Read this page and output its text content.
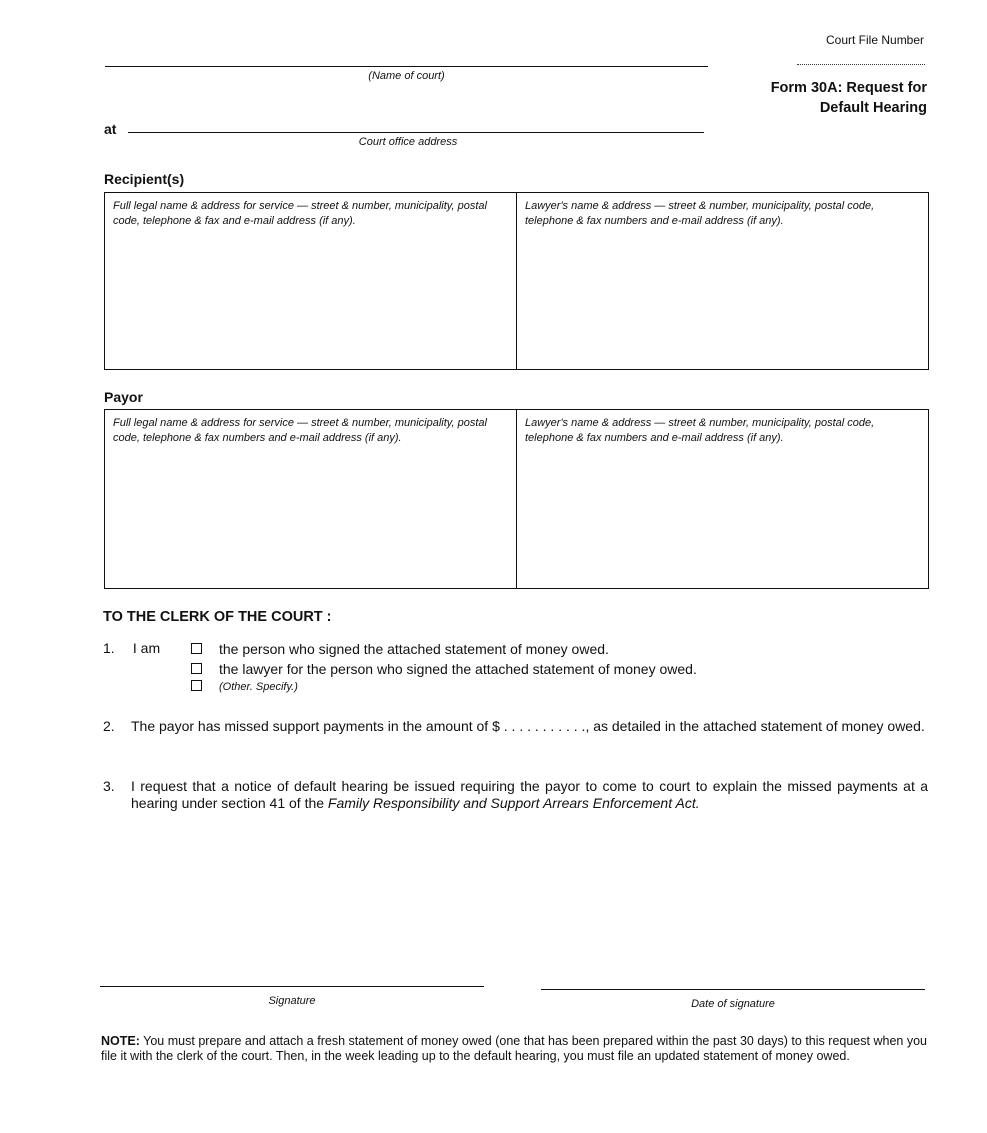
Court File Number
Form 30A: Request for
Default Hearing
(Name of court)
at
Court office address
Recipient(s)
Full legal name & address for service — street & number, municipality, postal code, telephone & fax and e-mail address (if any).
Lawyer's name & address — street & number, municipality, postal code, telephone & fax numbers and e-mail address (if any).
Payor
Full legal name & address for service — street & number, municipality, postal code, telephone & fax numbers and e-mail address (if any).
Lawyer's name & address — street & number, municipality, postal code, telephone & fax numbers and e-mail address (if any).
TO THE CLERK OF THE COURT :
1. I am	the person who signed the attached statement of money owed.
the lawyer for the person who signed the attached statement of money owed.
(Other. Specify.)
2. The payor has missed support payments in the amount of $ . . . . . . . . . . ., as detailed in the attached statement of money owed.
3. I request that a notice of default hearing be issued requiring the payor to come to court to explain the missed payments at a hearing under section 41 of the Family Responsibility and Support Arrears Enforcement Act.
Signature	Date of signature
NOTE: You must prepare and attach a fresh statement of money owed (one that has been prepared within the past 30 days) to this request when you file it with the clerk of the court. Then, in the week leading up to the default hearing, you must file an updated statement of money owed.
